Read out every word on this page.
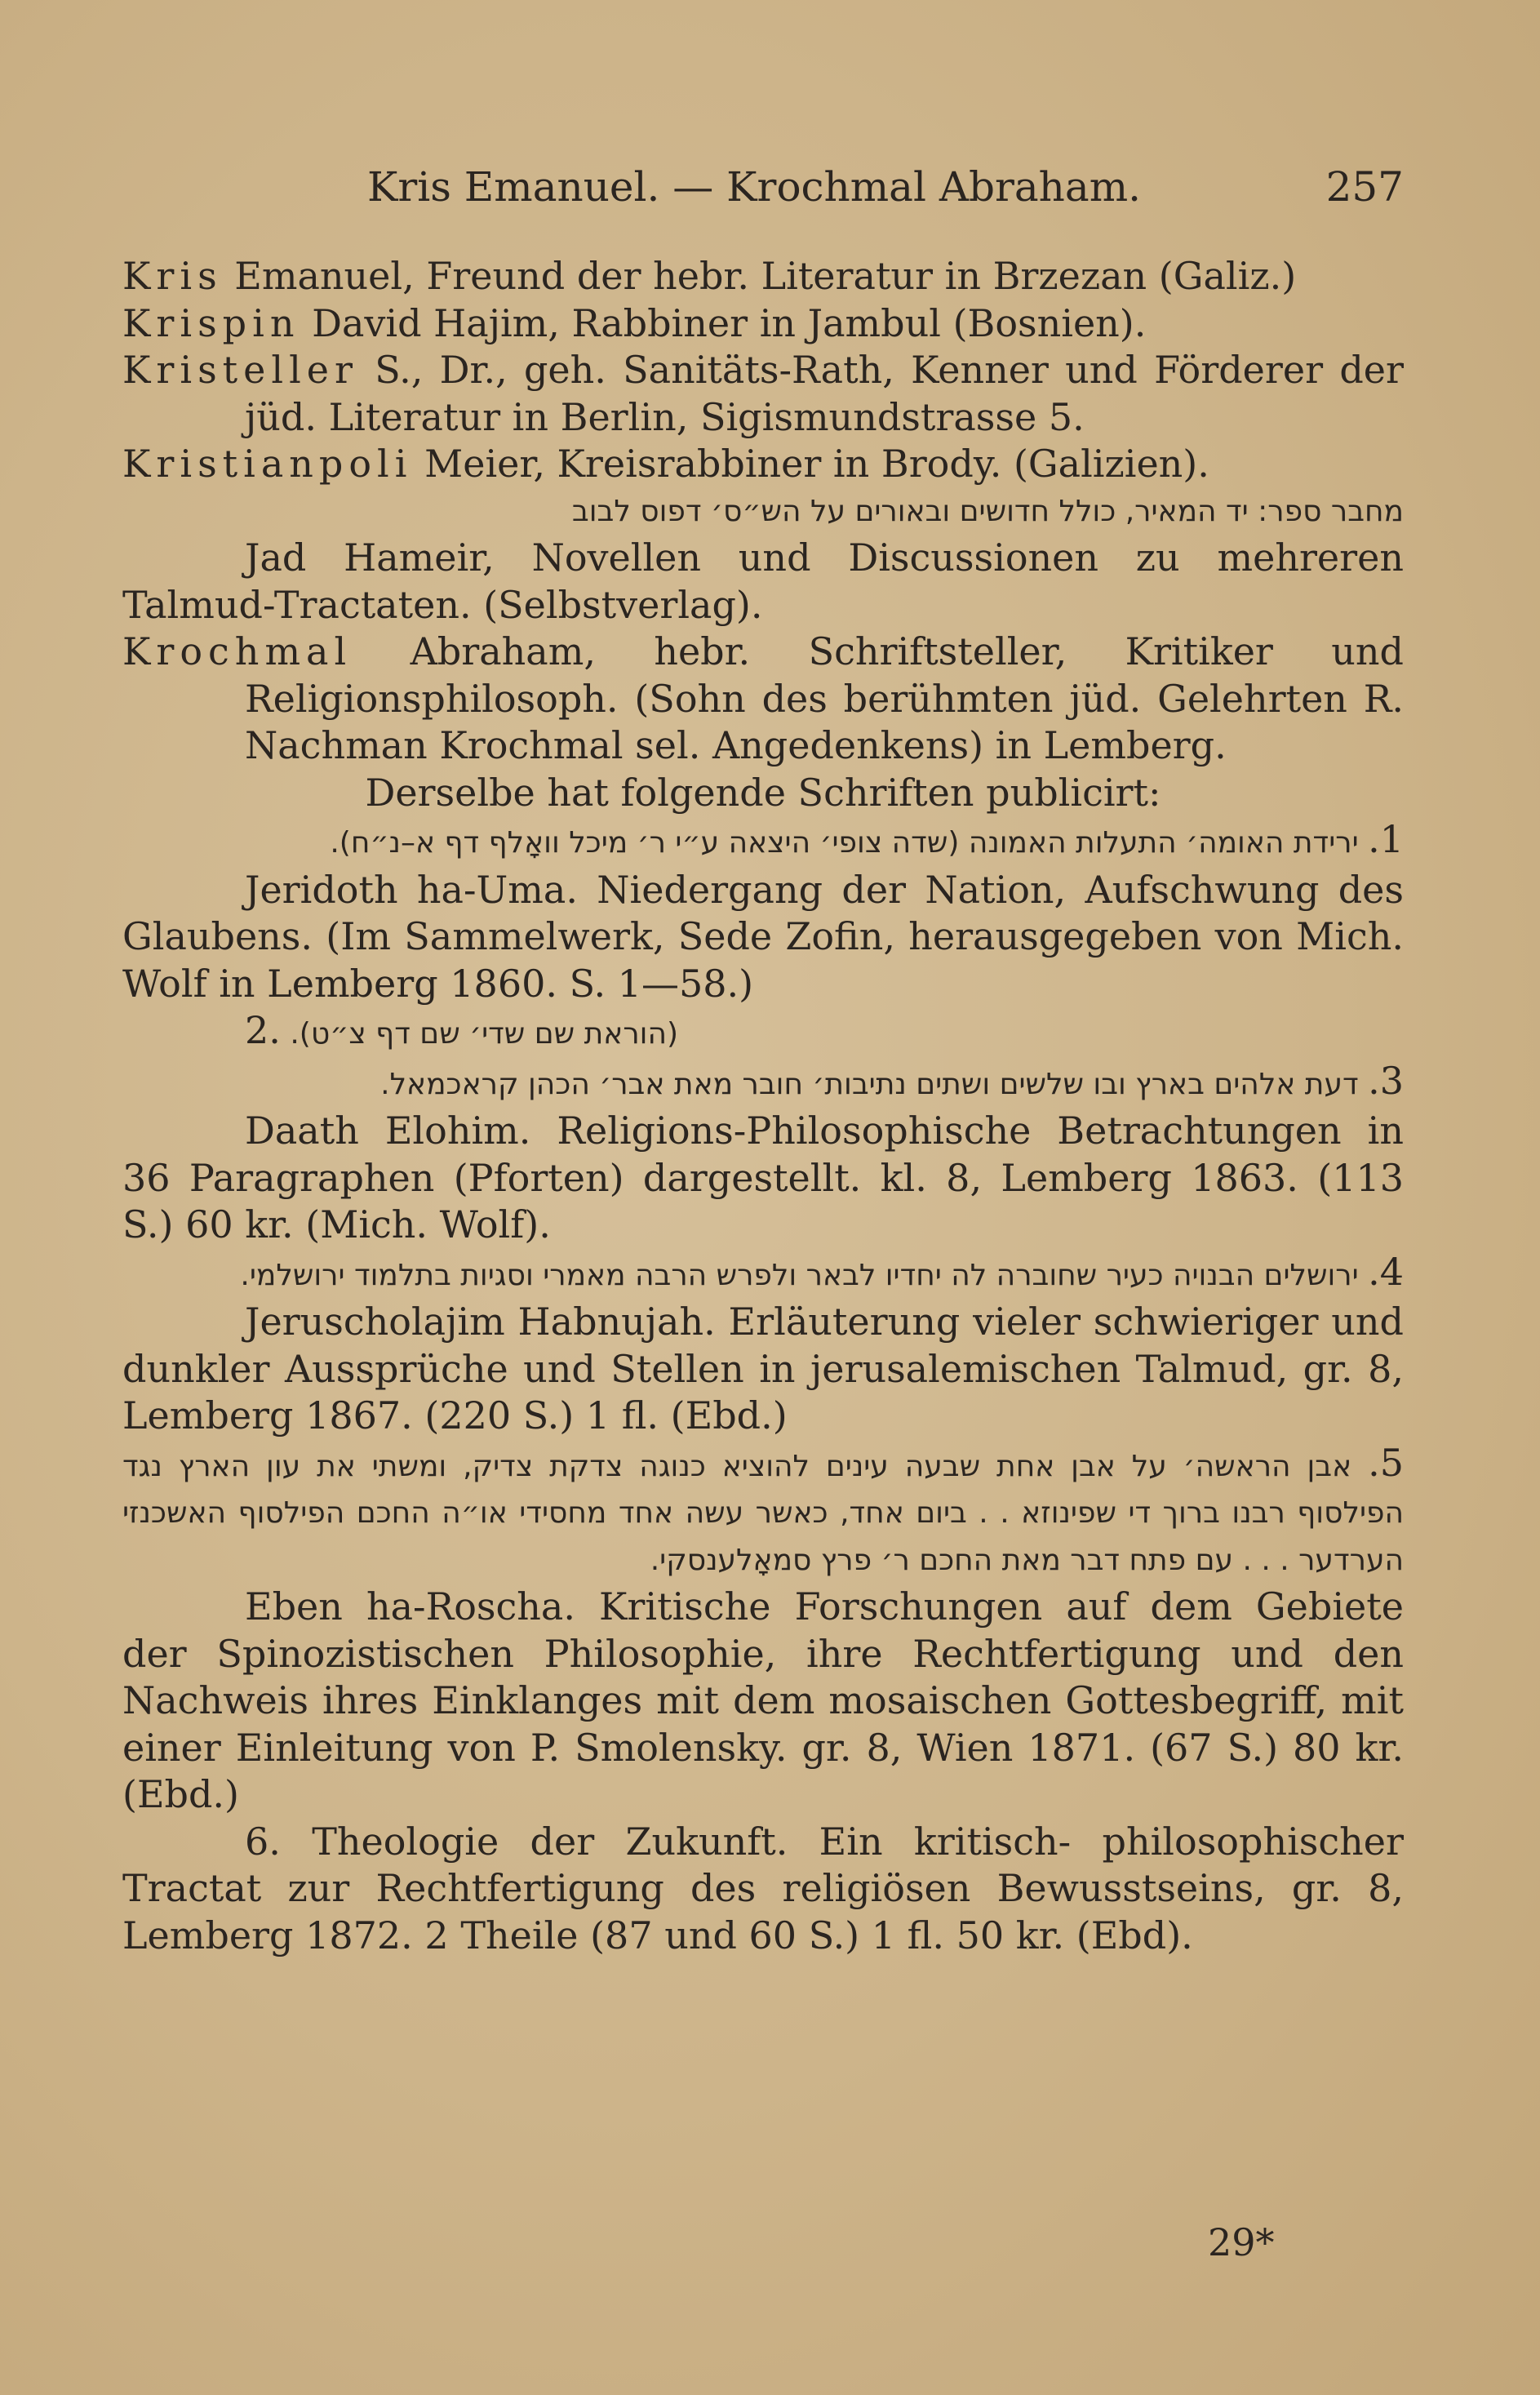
Kris Emanuel. — Krochmal Abraham.	257

Kris Emanuel, Freund der hebr. Literatur in Brzezan (Galiz.)

Krispin David Hajim, Rabbiner in Jambul (Bosnien).

Kristeller S., Dr., geh. Sanitäts-Rath, Kenner und Förderer der jüd. Literatur in Berlin, Sigismundstrasse 5.

Kristianpoli Meier, Kreisrabbiner in Brody. (Galizien).

מחבר ספר: יד המאיר, כולל חדושים ובאורים על הש״ס׳ דפוס לבוב

Jad Hameir, Novellen und Discussionen zu mehreren Talmud-Tractaten. (Selbstverlag).

Krochmal Abraham, hebr. Schriftsteller, Kritiker und Religionsphilosoph. (Sohn des berühmten jüd. Gelehrten R. Nachman Krochmal sel. Angedenkens) in Lemberg.

Derselbe hat folgende Schriften publicirt:

1. ירידת האומה׳ התעלות האמונה (שדה צופי׳ היצאה ע״י ר׳ מיכל וואָלף דף א–נ״ח).

Jeridoth ha-Uma. Niedergang der Nation, Aufschwung des Glaubens. (Im Sammelwerk, Sede Zofin, herausgegeben von Mich. Wolf in Lemberg 1860. S. 1—58.)

2. (הוראת שם שדי׳ שם דף צ״ט).

3. דעת אלהים בארץ ובו שלשים ושתים נתיבות׳ חובר מאת אבר׳ הכהן קראכמאל.

Daath Elohim. Religions-Philosophische Betrachtungen in 36 Paragraphen (Pforten) dargestellt. kl. 8, Lemberg 1863. (113 S.) 60 kr. (Mich. Wolf).

4. ירושלים הבנויה כעיר שחוברה לה יחדיו לבאר ולפרש הרבה מאמרי וסגיות בתלמוד ירושלמי.

Jeruscholajim Habnujah. Erläuterung vieler schwieriger und dunkler Aussprüche und Stellen in jerusalemischen Talmud, gr. 8, Lemberg 1867. (220 S.) 1 fl. (Ebd.)

5. אבן הראשה׳ על אבן אחת שבעה עינים להוציא כנוגה צדקת צדיק, ומשתי את עון הארץ נגד הפילסוף רבנו ברוך די שפינוזא . . ביום אחד, כאשר עשה אחד מחסידי או״ה החכם הפילסוף האשכנזי הערדער . . . עם פתח דבר מאת החכם ר׳ פרץ סמאָלענסקי.

Eben ha-Roscha. Kritische Forschungen auf dem Gebiete der Spinozistischen Philosophie, ihre Rechtfertigung und den Nachweis ihres Einklanges mit dem mosaischen Gottesbegriff, mit einer Einleitung von P. Smolensky. gr. 8, Wien 1871. (67 S.) 80 kr. (Ebd.)

6. Theologie der Zukunft. Ein kritisch- philosophischer Tractat zur Rechtfertigung des religiösen Bewusstseins, gr. 8, Lemberg 1872. 2 Theile (87 und 60 S.) 1 fl. 50 kr. (Ebd).

29*
